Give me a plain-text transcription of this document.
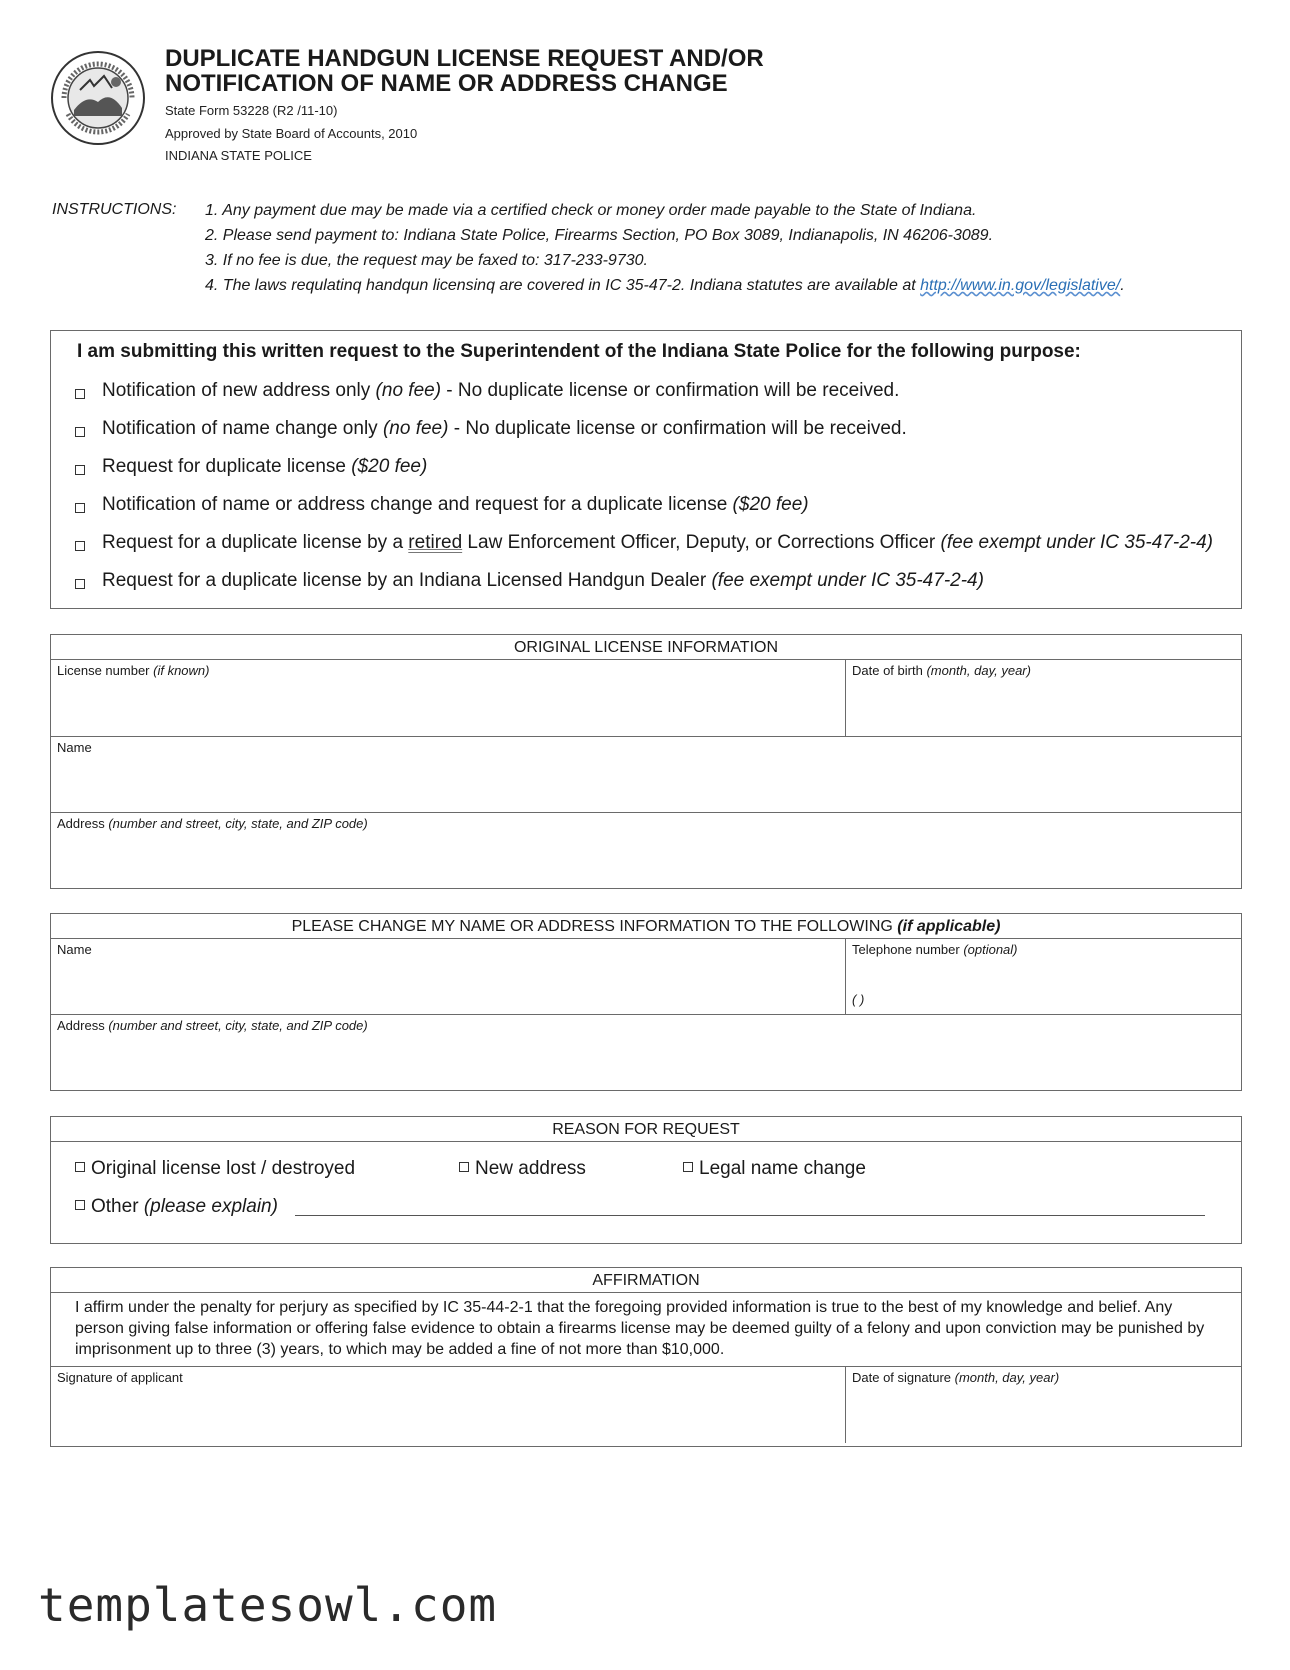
DUPLICATE HANDGUN LICENSE REQUEST AND/OR
NOTIFICATION OF NAME OR ADDRESS CHANGE
State Form 53228 (R2 /11-10)
Approved by State Board of Accounts, 2010
INDIANA STATE POLICE
INSTRUCTIONS: 1. Any payment due may be made via a certified check or money order made payable to the State of Indiana.
2. Please send payment to: Indiana State Police, Firearms Section, PO Box 3089, Indianapolis, IN 46206-3089.
3. If no fee is due, the request may be faxed to: 317-233-9730.
4. The laws requlatinq handqun licensinq are covered in IC 35-47-2. Indiana statutes are available at http://www.in.gov/legislative/.
I am submitting this written request to the Superintendent of the Indiana State Police for the following purpose:
Notification of new address only (no fee) - No duplicate license or confirmation will be received.
Notification of name change only (no fee) - No duplicate license or confirmation will be received.
Request for duplicate license ($20 fee)
Notification of name or address change and request for a duplicate license ($20 fee)
Request for a duplicate license by a retired Law Enforcement Officer, Deputy, or Corrections Officer (fee exempt under IC 35-47-2-4)
Request for a duplicate license by an Indiana Licensed Handgun Dealer (fee exempt under IC 35-47-2-4)
ORIGINAL LICENSE INFORMATION
License number (if known)	Date of birth (month, day, year)
Name
Address (number and street, city, state, and ZIP code)
PLEASE CHANGE MY NAME OR ADDRESS INFORMATION TO THE FOLLOWING (if applicable)
Name	Telephone number (optional)
( )
Address (number and street, city, state, and ZIP code)
REASON FOR REQUEST
Original license lost / destroyed	New address	Legal name change
Other (please explain)
AFFIRMATION
I affirm under the penalty for perjury as specified by IC 35-44-2-1 that the foregoing provided information is true to the best of my knowledge and belief. Any person giving false information or offering false evidence to obtain a firearms license may be deemed guilty of a felony and upon conviction may be punished by imprisonment up to three (3) years, to which may be added a fine of not more than $10,000.
Signature of applicant	Date of signature (month, day, year)
templatesowl.com
